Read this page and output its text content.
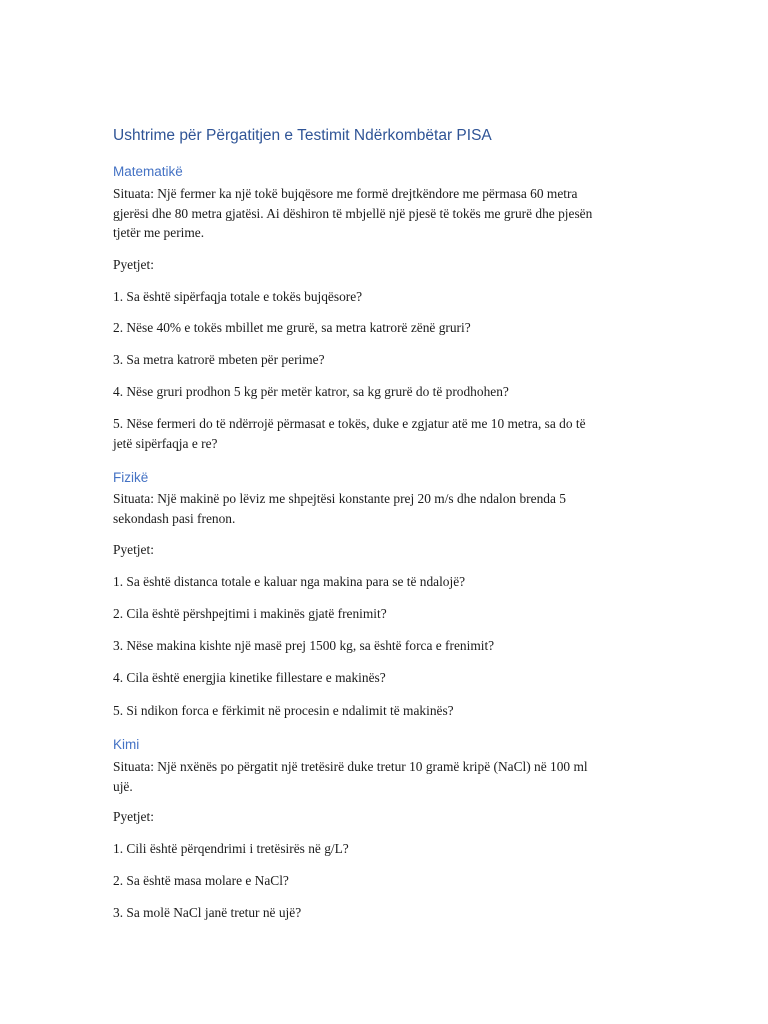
Ushtrime për Përgatitjen e Testimit Ndërkombëtar PISA
Matematikë
Situata: Një fermer ka një tokë bujqësore me formë drejtkëndore me përmasa 60 metra
gjerësi dhe 80 metra gjatësi. Ai dëshiron të mbjellë një pjesë të tokës me grurë dhe pjesën
tjetër me perime.
Pyetjet:
1. Sa është sipërfaqja totale e tokës bujqësore?
2. Nëse 40% e tokës mbillet me grurë, sa metra katrorë zënë gruri?
3. Sa metra katrorë mbeten për perime?
4. Nëse gruri prodhon 5 kg për metër katror, sa kg grurë do të prodhohen?
5. Nëse fermeri do të ndërrojë përmasat e tokës, duke e zgjatur atë me 10 metra, sa do të
jetë sipërfaqja e re?
Fizikë
Situata: Një makinë po lëviz me shpejtësi konstante prej 20 m/s dhe ndalon brenda 5
sekondash pasi frenon.
Pyetjet:
1. Sa është distanca totale e kaluar nga makina para se të ndalojë?
2. Cila është përshpejtimi i makinës gjatë frenimit?
3. Nëse makina kishte një masë prej 1500 kg, sa është forca e frenimit?
4. Cila është energjia kinetike fillestare e makinës?
5. Si ndikon forca e fërkimit në procesin e ndalimit të makinës?
Kimi
Situata: Një nxënës po përgatit një tretësirë duke tretur 10 gramë kripë (NaCl) në 100 ml
ujë.
Pyetjet:
1. Cili është përqendrimi i tretësirës në g/L?
2. Sa është masa molare e NaCl?
3. Sa molë NaCl janë tretur në ujë?
